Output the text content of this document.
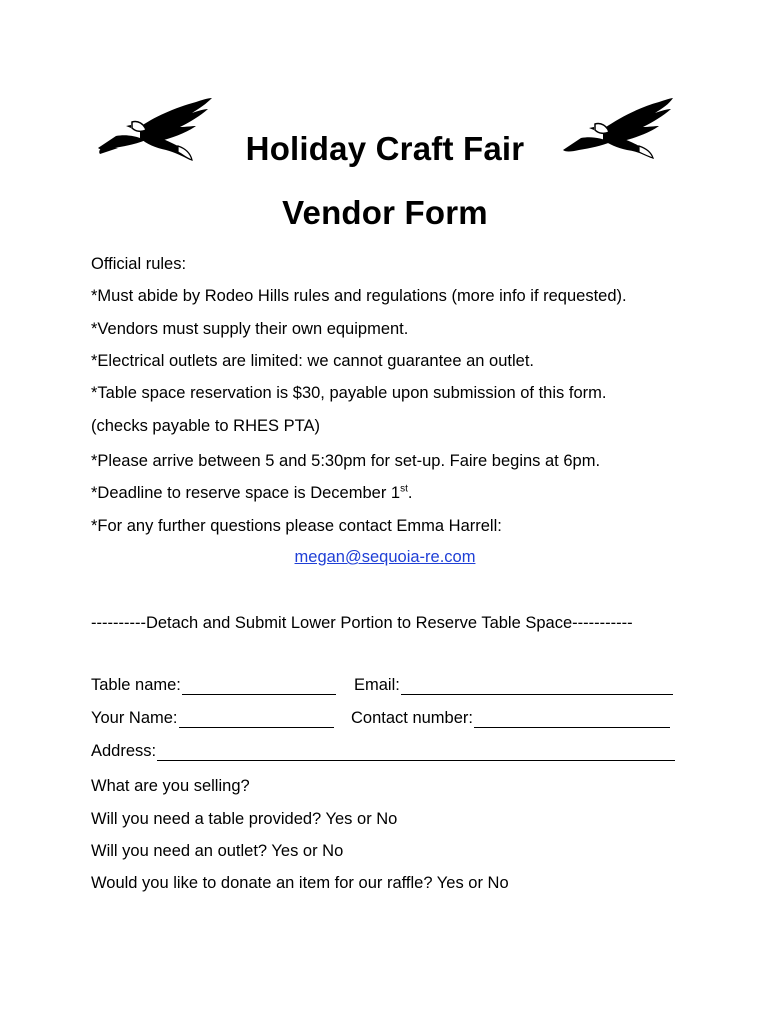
Holiday Craft Fair
Vendor Form
Official rules:
*Must abide by Rodeo Hills rules and regulations (more info if requested).
*Vendors must supply their own equipment.
*Electrical outlets are limited: we cannot guarantee an outlet.
*Table space reservation is $30, payable upon submission of this form.
(checks payable to RHES PTA)
*Please arrive between 5 and 5:30pm for set-up. Faire begins at 6pm.
*Deadline to reserve space is December 1st.
*For any further questions please contact Emma Harrell:
megan@sequoia-re.com
----------Detach and Submit Lower Portion to Reserve Table Space-----------
Table name:	Email:
Your Name:	Contact number:
Address:
What are you selling?
Will you need a table provided? Yes or No
Will you need an outlet? Yes or No
Would you like to donate an item for our raffle? Yes or No
